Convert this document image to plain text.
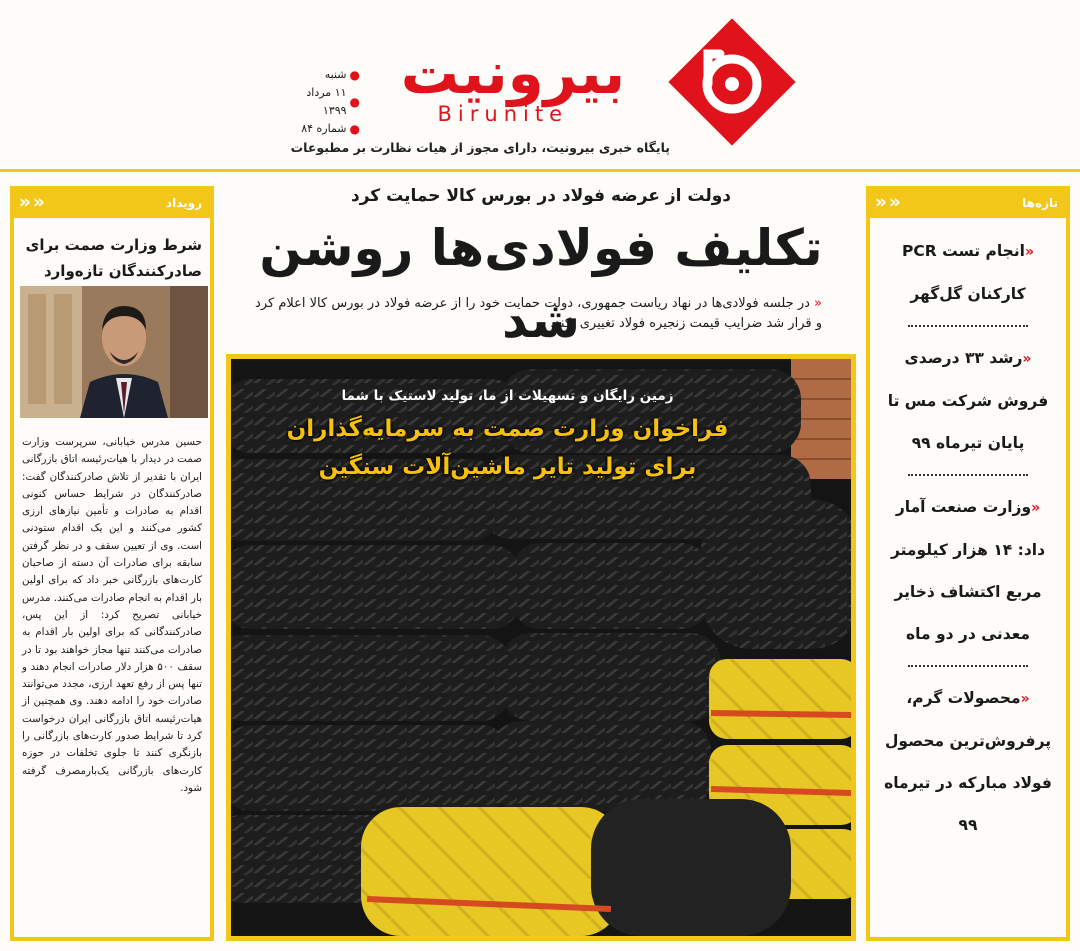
بیرونیت
Birunite
پایگاه خبری بیرونیت، دارای مجوز از هیات نظارت بر مطبوعات
●
شنبه
●
۱۱ مرداد ۱۳۹۹
●
شماره ۸۴
تازه‌ها
«
«
«انجام تست PCR کارکنان گل‌گهر
«رشد ۳۳ درصدی فروش شرکت مس تا پایان تیرماه ۹۹
«وزارت صنعت آمار داد: ۱۴ هزار کیلومتر مربع اکتشاف ذخایر معدنی در دو ماه
«محصولات گرم، پرفروش‌ترین محصول فولاد مبارکه در تیرماه ۹۹
رویداد
«
«
شرط وزارت صمت برای صادرکنندگان تازه‌وارد

حسین مدرس خیابانی، سرپرست وزارت صمت در دیدار با هیات‌رئیسه اتاق بازرگانی ایران با تقدیر از تلاش صادرکنندگان گفت: صادرکنندگان در شرایط حساس کنونی اقدام به صادرات و تأمین نیازهای ارزی کشور می‌کنند و این یک اقدام ستودنی است. وی از تعیین سقف و در نظر گرفتن سابقه برای صادرات آن دسته از صاحبان کارت‌های بازرگانی خبر داد که برای اولین بار اقدام به انجام صادرات می‌کنند. مدرس خیابانی تصریح کرد: از این پس، صادرکنندگانی که برای اولین بار اقدام به صادرات می‌کنند تنها مجاز خواهند بود تا در سقف ۵۰۰ هزار دلار صادرات انجام دهند و تنها پس از رفع تعهد ارزی، مجدد می‌توانند صادرات خود را ادامه دهند. وی همچنین از هیات‌رئیسه اتاق بازرگانی ایران درخواست کرد تا شرایط صدور کارت‌های بازرگانی را بازنگری کنند تا جلوی تخلفات در حوزه کارت‌های بازرگانی یک‌بارمصرف گرفته شود.

دولت از عرضه فولاد در بورس کالا حمایت کرد
تکلیف فولادی‌ها روشن شد	« در جلسه فولادی‌ها در نهاد ریاست جمهوری، دولت حمایت خود را از عرضه فولاد در بورس کالا اعلام کرد و قرار شد ضرایب قیمت زنجیره فولاد تغییری نکند.

زمین رایگان و تسهیلات از ما، تولید لاستیک با شما
فراخوان وزارت صمت به سرمایه‌گذاران
برای تولید تایر ماشین‌آلات سنگین
